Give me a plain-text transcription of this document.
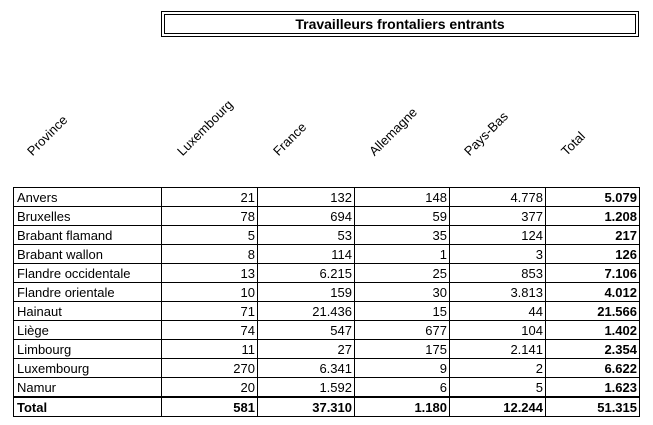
Travailleurs frontaliers entrants
Province	Luxembourg	France	Allemagne	Pays-Bas	Total
Anvers	21	132	148	4.778	5.079
Bruxelles	78	694	59	377	1.208
Brabant flamand	5	53	35	124	217
Brabant wallon	8	114	1	3	126
Flandre occidentale	13	6.215	25	853	7.106
Flandre orientale	10	159	30	3.813	4.012
Hainaut	71	21.436	15	44	21.566
Liège	74	547	677	104	1.402
Limbourg	11	27	175	2.141	2.354
Luxembourg	270	6.341	9	2	6.622
Namur	20	1.592	6	5	1.623
Total	581	37.310	1.180	12.244	51.315
